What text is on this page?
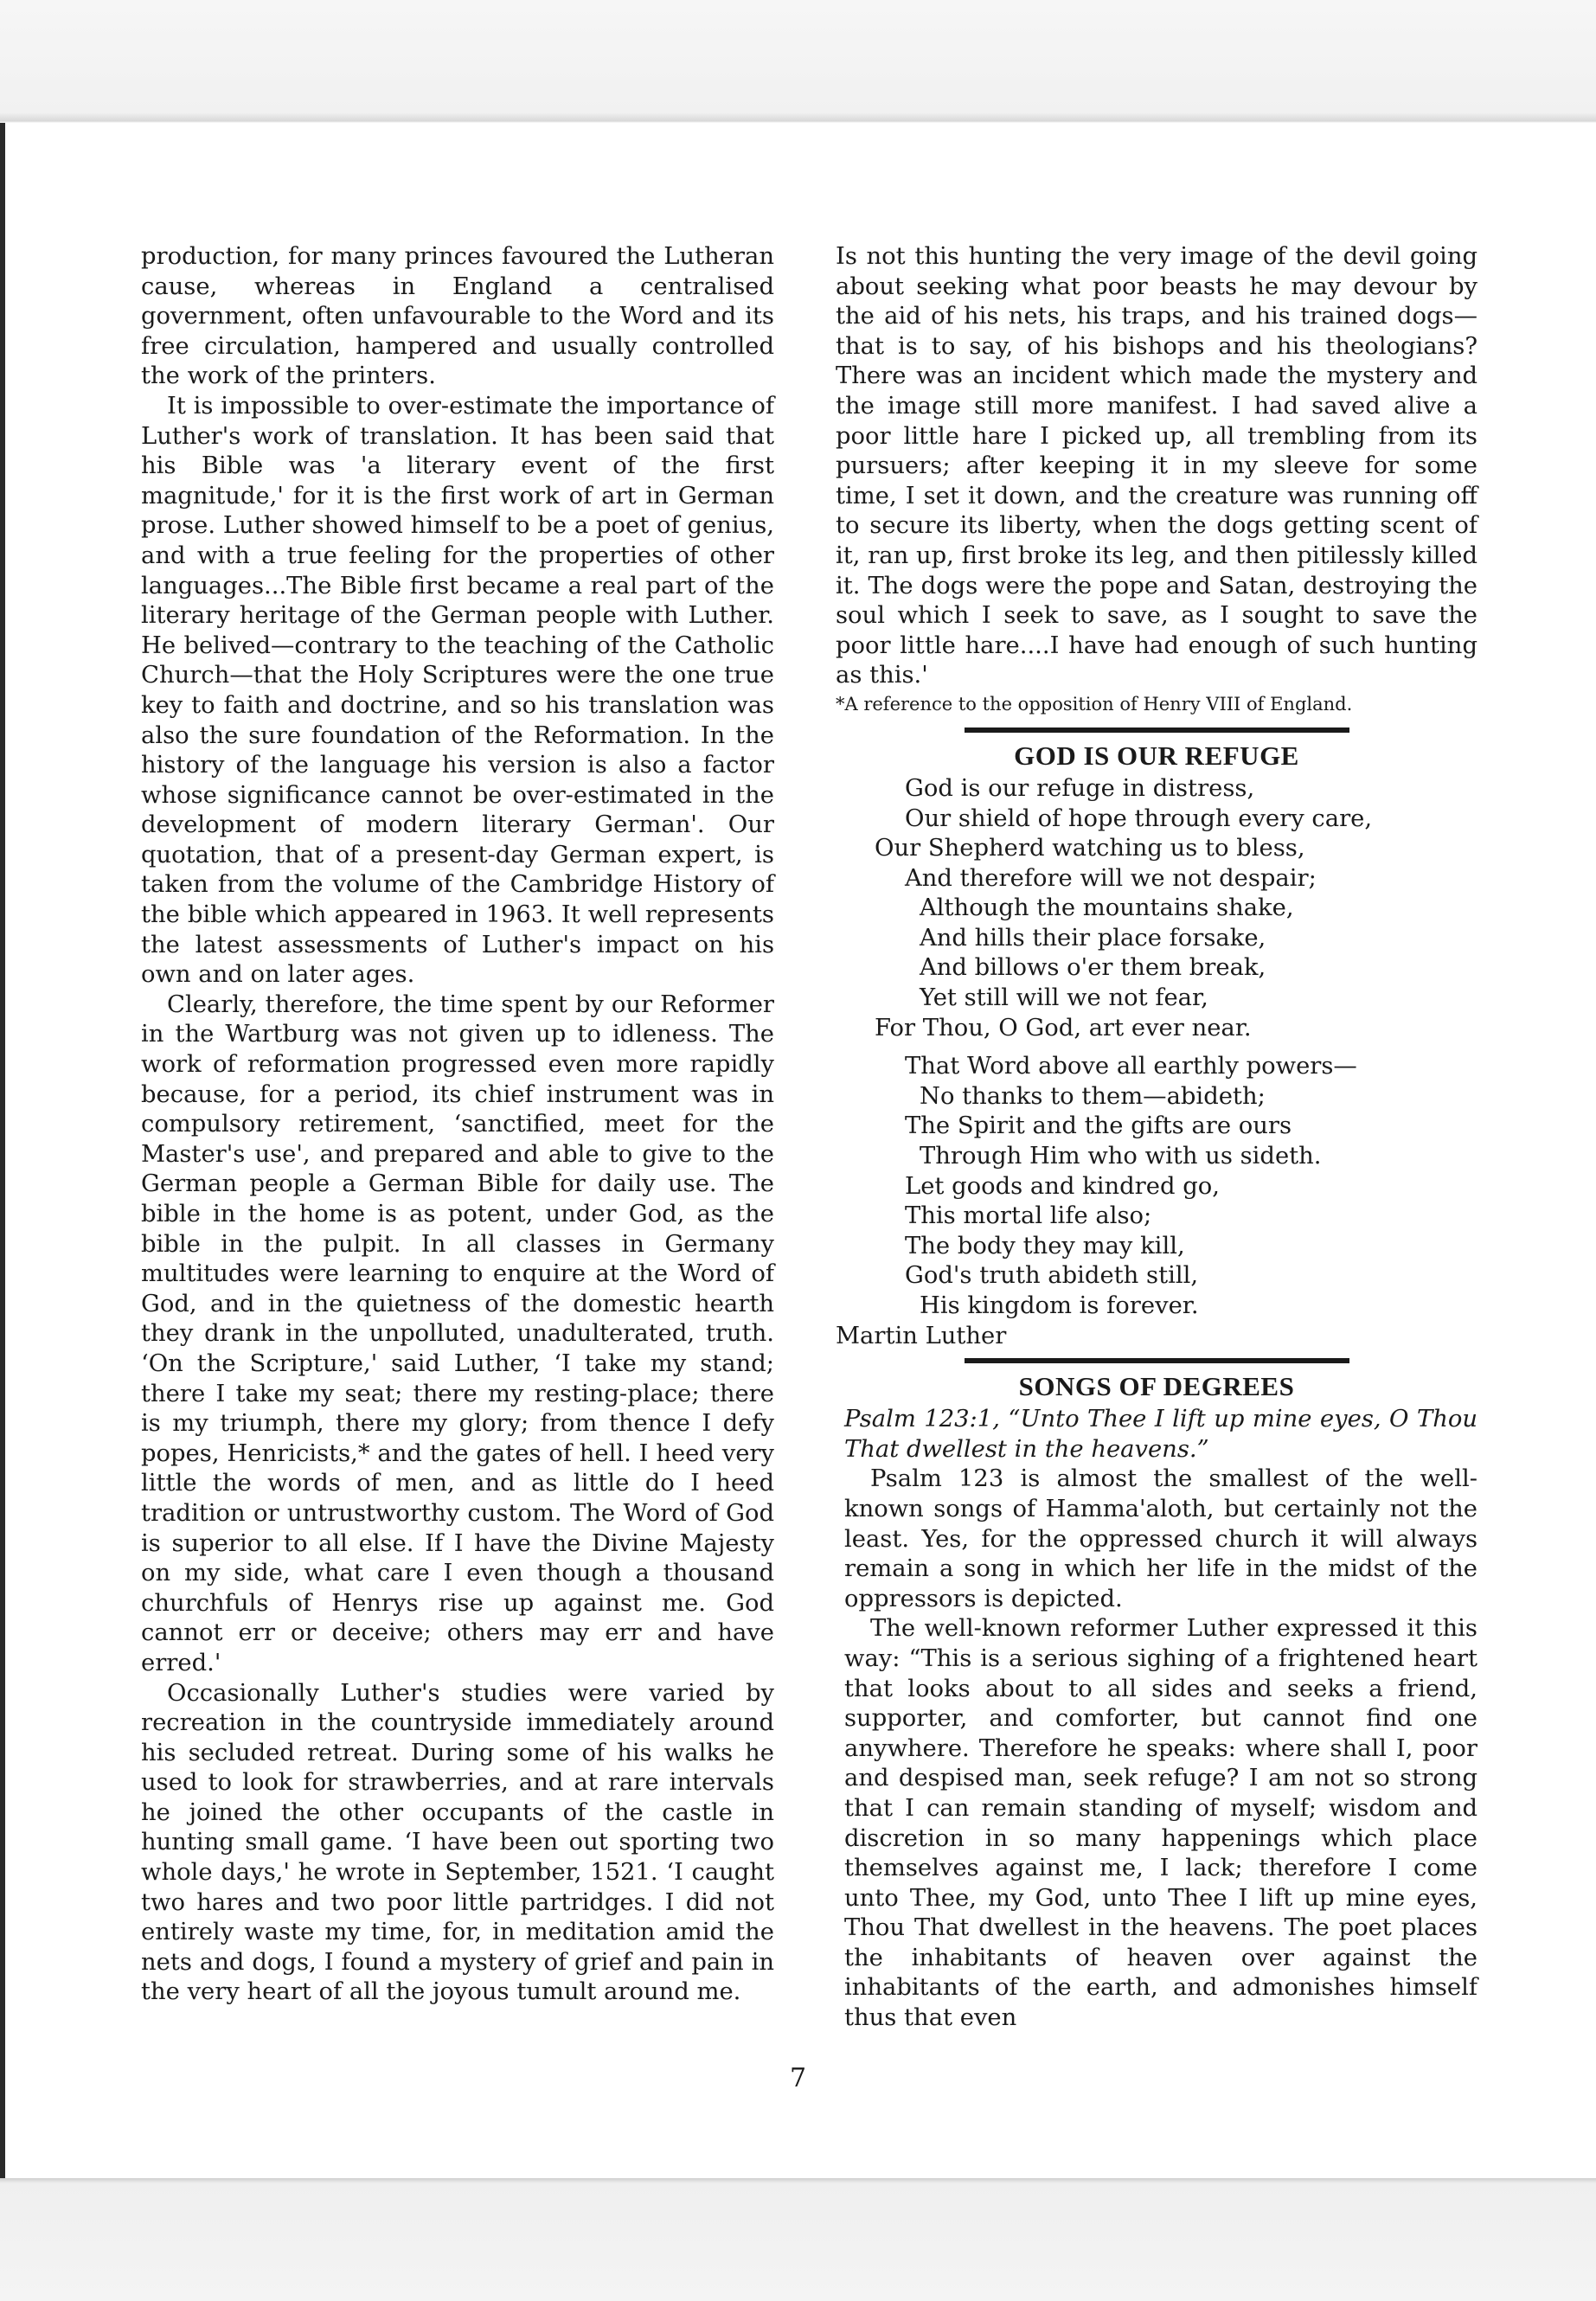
production, for many princes favoured the Lutheran cause, whereas in England a centralised government, often unfavourable to the Word and its free circulation, hampered and usually controlled the work of the printers.

It is impossible to over-estimate the importance of Luther's work of translation. It has been said that his Bible was 'a literary event of the first magnitude,' for it is the first work of art in German prose. Luther showed himself to be a poet of genius, and with a true feeling for the properties of other languages...The Bible first became a real part of the literary heritage of the German people with Luther. He belived—contrary to the teaching of the Catholic Church—that the Holy Scriptures were the one true key to faith and doctrine, and so his translation was also the sure foundation of the Reformation. In the history of the language his version is also a factor whose significance cannot be over-estimated in the development of modern literary German'. Our quotation, that of a present-day German expert, is taken from the volume of the Cambridge History of the bible which appeared in 1963. It well represents the latest assessments of Luther's impact on his own and on later ages.

Clearly, therefore, the time spent by our Reformer in the Wartburg was not given up to idleness. The work of reformation progressed even more rapidly because, for a period, its chief instrument was in compulsory retirement, ‘sanctified, meet for the Master's use', and prepared and able to give to the German people a German Bible for daily use. The bible in the home is as potent, under God, as the bible in the pulpit. In all classes in Germany multitudes were learning to enquire at the Word of God, and in the quietness of the domestic hearth they drank in the unpolluted, unadulterated, truth. ‘On the Scripture,' said Luther, ‘I take my stand; there I take my seat; there my resting-place; there is my triumph, there my glory; from thence I defy popes, Henricists,* and the gates of hell. I heed very little the words of men, and as little do I heed tradition or untrustworthy custom. The Word of God is superior to all else. If I have the Divine Majesty on my side, what care I even though a thousand churchfuls of Henrys rise up against me. God cannot err or deceive; others may err and have erred.'

Occasionally Luther's studies were varied by recreation in the countryside immediately around his secluded retreat. During some of his walks he used to look for strawberries, and at rare intervals he joined the other occupants of the castle in hunting small game. ‘I have been out sporting two whole days,' he wrote in September, 1521. ‘I caught two hares and two poor little partridges. I did not entirely waste my time, for, in meditation amid the nets and dogs, I found a mystery of grief and pain in the very heart of all the joyous tumult around me.

Is not this hunting the very image of the devil going about seeking what poor beasts he may devour by the aid of his nets, his traps, and his trained dogs—that is to say, of his bishops and his theologians? There was an incident which made the mystery and the image still more manifest. I had saved alive a poor little hare I picked up, all trembling from its pursuers; after keeping it in my sleeve for some time, I set it down, and the creature was running off to secure its liberty, when the dogs getting scent of it, ran up, first broke its leg, and then pitilessly killed it. The dogs were the pope and Satan, destroying the soul which I seek to save, as I sought to save the poor little hare....I have had enough of such hunting as this.'

*A reference to the opposition of Henry VIII of England.

GOD IS OUR REFUGE
God is our refuge in distress,
Our shield of hope through every care,
Our Shepherd watching us to bless,
And therefore will we not despair;
Although the mountains shake,
And hills their place forsake,
And billows o'er them break,
Yet still will we not fear,
For Thou, O God, art ever near.
That Word above all earthly powers—
No thanks to them—abideth;
The Spirit and the gifts are ours
Through Him who with us sideth.
Let goods and kindred go,
This mortal life also;
The body they may kill,
God's truth abideth still,
His kingdom is forever.

Martin Luther

SONGS OF DEGREES

Psalm 123:1, “Unto Thee I lift up mine eyes, O Thou That dwellest in the heavens.”

Psalm 123 is almost the smallest of the well-known songs of Hamma'aloth, but certainly not the least. Yes, for the oppressed church it will always remain a song in which her life in the midst of the oppressors is depicted.

The well-known reformer Luther expressed it this way: “This is a serious sighing of a frightened heart that looks about to all sides and seeks a friend, supporter, and comforter, but cannot find one anywhere. Therefore he speaks: where shall I, poor and despised man, seek refuge? I am not so strong that I can remain standing of myself; wisdom and discretion in so many happenings which place themselves against me, I lack; therefore I come unto Thee, my God, unto Thee I lift up mine eyes, Thou That dwellest in the heavens. The poet places the inhabitants of heaven over against the inhabitants of the earth, and admonishes himself thus that even

7
